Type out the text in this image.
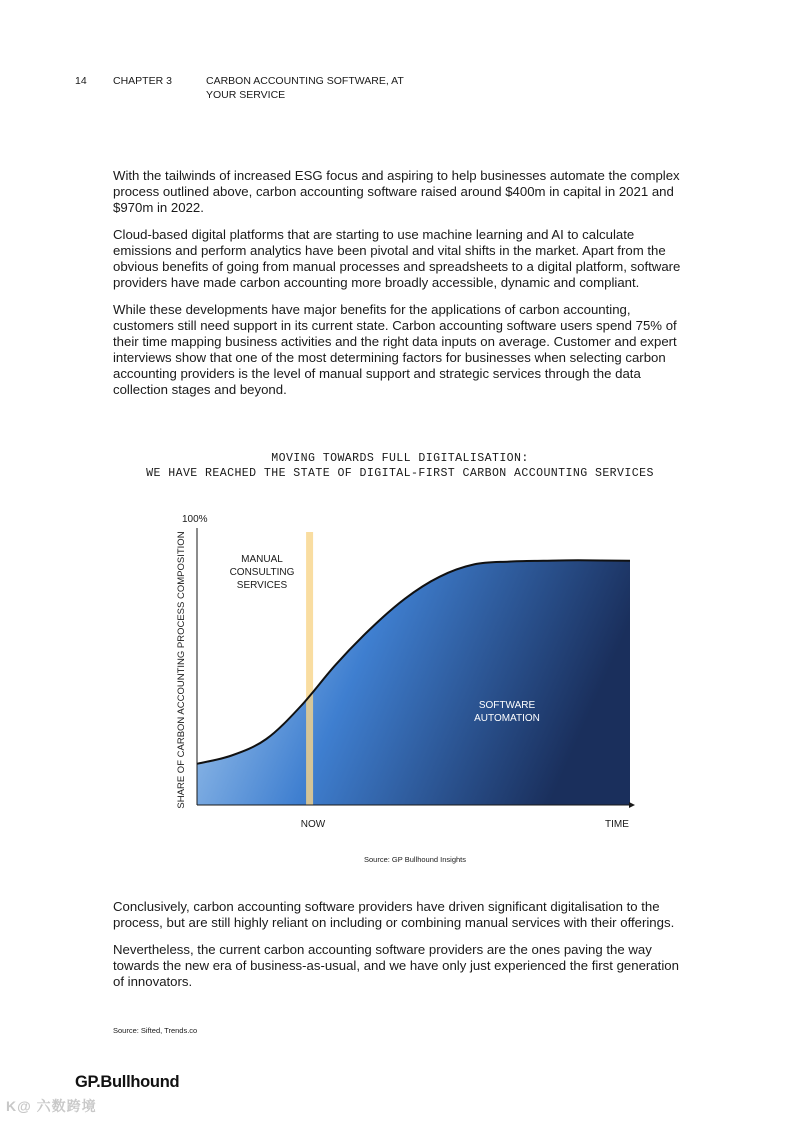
14	CHAPTER 3	CARBON ACCOUNTING SOFTWARE, AT YOUR SERVICE

With the tailwinds of increased ESG focus and aspiring to help businesses automate the complex process outlined above, carbon accounting software raised around $400m in capital in 2021 and $970m in 2022.

Cloud-based digital platforms that are starting to use machine learning and AI to calculate emissions and perform analytics have been pivotal and vital shifts in the market. Apart from the obvious benefits of going from manual processes and spreadsheets to a digital platform, software providers have made carbon accounting more broadly accessible, dynamic and compliant.

While these developments have major benefits for the applications of carbon accounting, customers still need support in its current state. Carbon accounting software users spend 75% of their time mapping business activities and the right data inputs on average. Customer and expert interviews show that one of the most determining factors for businesses when selecting carbon accounting providers is the level of manual support and strategic services through the data collection stages and beyond.

MOVING TOWARDS FULL DIGITALISATION:
WE HAVE REACHED THE STATE OF DIGITAL-FIRST CARBON ACCOUNTING SERVICES
100%
SHARE OF CARBON ACCOUNTING PROCESS COMPOSITION
NOW	TIME
MANUAL
CONSULTING
SERVICES
SOFTWARE
AUTOMATION
Source: GP Bullhound Insights

Conclusively, carbon accounting software providers have driven significant digitalisation to the process, but are still highly reliant on including or combining manual services with their offerings.

Nevertheless, the current carbon accounting software providers are the ones paving the way towards the new era of business-as-usual, and we have only just experienced the first generation of innovators.

Source: Sifted, Trends.co
GP.Bullhound
K@ 六数跨境
